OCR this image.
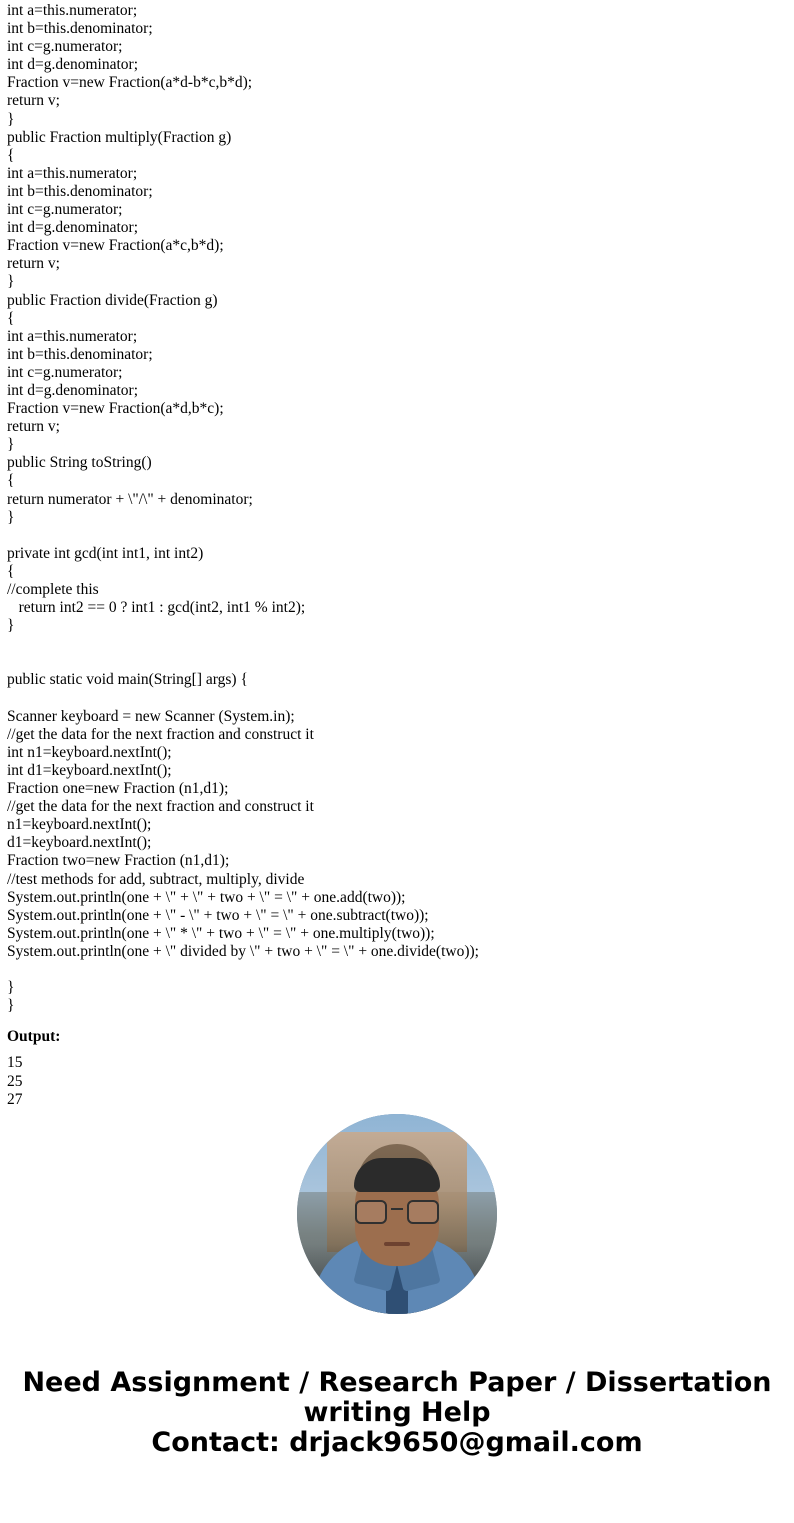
int a=this.numerator;
int b=this.denominator;
int c=g.numerator;
int d=g.denominator;
Fraction v=new Fraction(a*d-b*c,b*d);
return v;
}
public Fraction multiply(Fraction g)
{
int a=this.numerator;
int b=this.denominator;
int c=g.numerator;
int d=g.denominator;
Fraction v=new Fraction(a*c,b*d);
return v;
}
public Fraction divide(Fraction g)
{
int a=this.numerator;
int b=this.denominator;
int c=g.numerator;
int d=g.denominator;
Fraction v=new Fraction(a*d,b*c);
return v;
}
public String toString()
{
return numerator + \"/\" + denominator;
}
private int gcd(int int1, int int2)
{
//complete this
return int2 == 0 ? int1 : gcd(int2, int1 % int2);
}
public static void main(String[] args) {
Scanner keyboard = new Scanner (System.in);
//get the data for the next fraction and construct it
int n1=keyboard.nextInt();
int d1=keyboard.nextInt();
Fraction one=new Fraction (n1,d1);
//get the data for the next fraction and construct it
n1=keyboard.nextInt();
d1=keyboard.nextInt();
Fraction two=new Fraction (n1,d1);
//test methods for add, subtract, multiply, divide
System.out.println(one + \" + \" + two + \" = \" + one.add(two));
System.out.println(one + \" - \" + two + \" = \" + one.subtract(two));
System.out.println(one + \" * \" + two + \" = \" + one.multiply(two));
System.out.println(one + \" divided by \" + two + \" = \" + one.divide(two));
}
}
Output:
15
25
27
Need Assignment / Research Paper / Dissertation
writing Help
Contact: drjack9650@gmail.com
